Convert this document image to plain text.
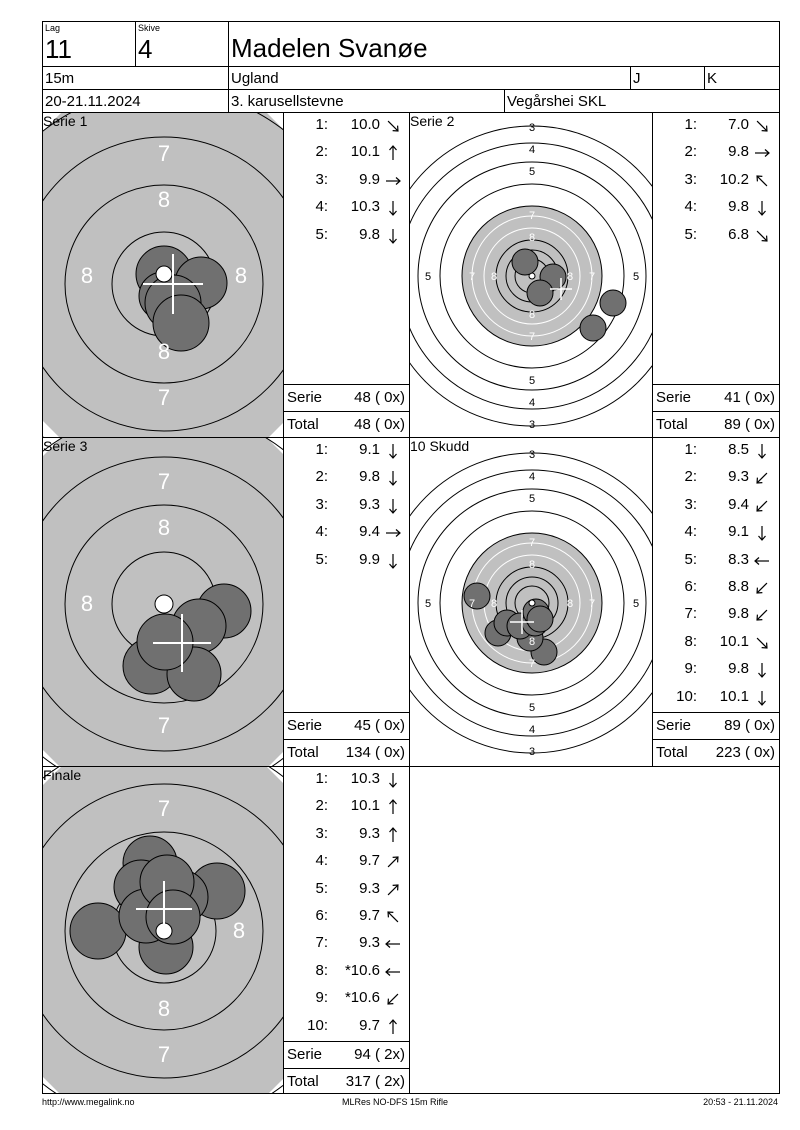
Lag
11
Skive
4	Madelen Svanøe
15m	Ugland	J	K
20-21.11.2024	3. karusellstevne	Vegårshei SKL
7
8
8	8
8
7
Serie 1
Serie 48 ( 0x)
Total 48 ( 0x)
1:	10.0
2:	10.1
3:	9.9
4:	10.3
5:	9.8
3
4
5
6
7
8
8
7
6
5
4
3
5 6 7 8	8 7 6 5
Serie 2
Serie 41 ( 0x)
Total 89 ( 0x)
1:	7.0
2:	9.8
3:	10.2
4:	9.8
5:	6.8
7
8
8
7
Serie 3
Serie 45 ( 0x)
Total 134 ( 0x)
1:	9.1
2:	9.8
3:	9.3
4:	9.4
5:	9.9
3
4
5
6
7
8
8
7
6
5
4
3
5 6 7 8	8 7 6 5
10 Skudd
Serie 89 ( 0x)
Total 223 ( 0x)
1:	8.5
2:	9.3
3:	9.4
4:	9.1
5:	8.3
6:	8.8
7:	9.8
8:	10.1
9:	9.8
10:	10.1
7
8
8
7
Finale
Serie 94 ( 2x)
Total 317 ( 2x)
1:	10.3
2:	10.1
3:	9.3
4:	9.7
5:	9.3
6:	9.7
7:	9.3
8:	*10.6
9:	*10.6
10:	9.7
http://www.megalink.no	MLRes NO-DFS 15m Rifle	20:53 - 21.11.2024
